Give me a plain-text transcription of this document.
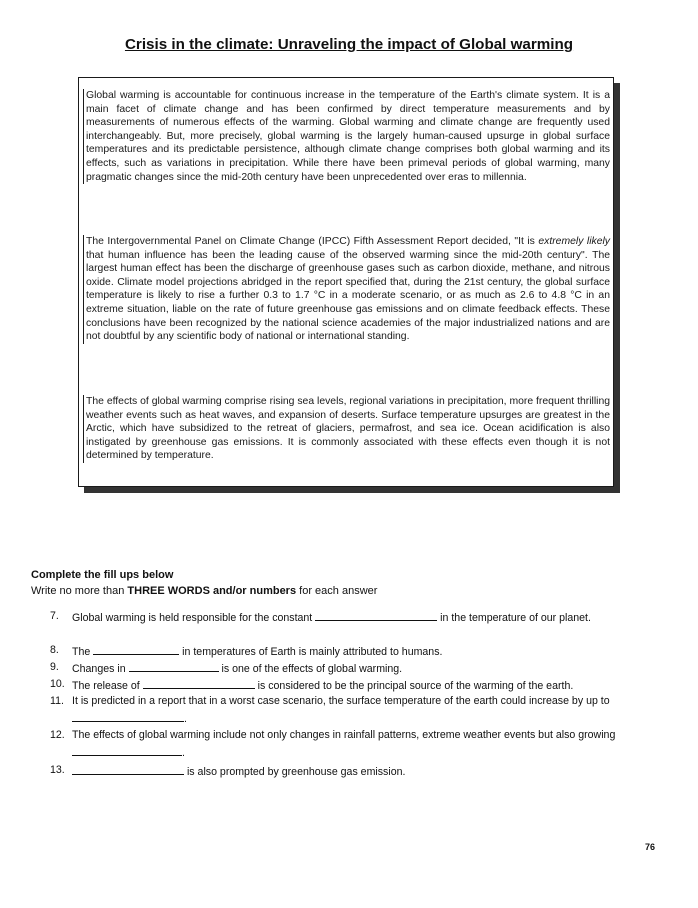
Crisis in the climate: Unraveling the impact of Global warming
Global warming is accountable for continuous increase in the temperature of the Earth's climate system. It is a main facet of climate change and has been confirmed by direct temperature measurements and by measurements of numerous effects of the warming. Global warming and climate change are frequently used interchangeably. But, more precisely, global warming is the largely human-caused upsurge in global surface temperatures and its predictable persistence, although climate change comprises both global warming and its effects, such as variations in precipitation. While there have been primeval periods of global warming, many pragmatic changes since the mid-20th century have been unprecedented over eras to millennia.
The Intergovernmental Panel on Climate Change (IPCC) Fifth Assessment Report decided, "It is extremely likely that human influence has been the leading cause of the observed warming since the mid-20th century". The largest human effect has been the discharge of greenhouse gases such as carbon dioxide, methane, and nitrous oxide. Climate model projections abridged in the report specified that, during the 21st century, the global surface temperature is likely to rise a further 0.3 to 1.7 °C in a moderate scenario, or as much as 2.6 to 4.8 °C in an extreme situation, liable on the rate of future greenhouse gas emissions and on climate feedback effects. These conclusions have been recognized by the national science academies of the major industrialized nations and are not doubtful by any scientific body of national or international standing.
The effects of global warming comprise rising sea levels, regional variations in precipitation, more frequent thrilling weather events such as heat waves, and expansion of deserts. Surface temperature upsurges are greatest in the Arctic, which have subsidized to the retreat of glaciers, permafrost, and sea ice. Ocean acidification is also instigated by greenhouse gas emissions. It is commonly associated with these effects even though it is not determined by temperature.
Complete the fill ups below
Write no more than THREE WORDS and/or numbers for each answer
7. Global warming is held responsible for the constant	in the temperature of our planet.
8. The	in temperatures of Earth is mainly attributed to humans.
9. Changes in	is one of the effects of global warming.
10. The release of	is considered to be the principal source of the warming of the earth.
11. It is predicted in a report that in a worst case scenario, the surface temperature of the earth could increase by up to .
12. The effects of global warming include not only changes in rainfall patterns, extreme weather events but also growing .
13.	is also prompted by greenhouse gas emission.
76
